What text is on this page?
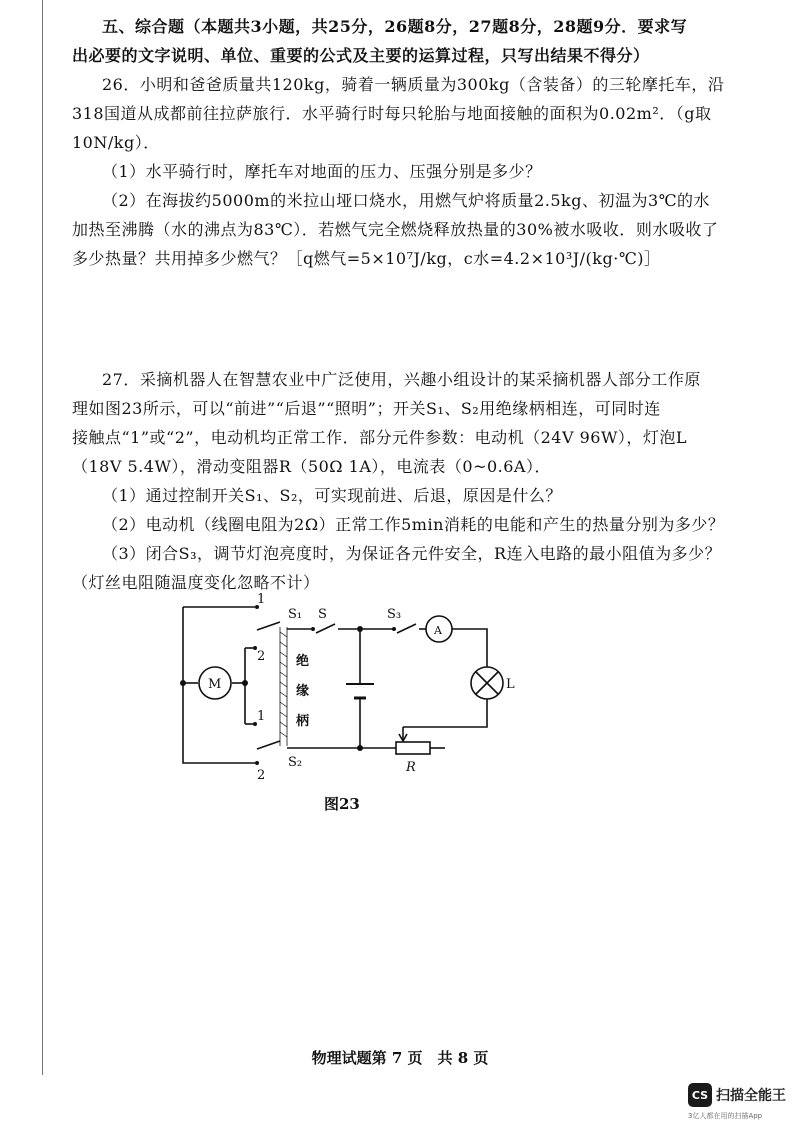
五、综合题（本题共3小题，共25分，26题8分，27题8分，28题9分．要求写
出必要的文字说明、单位、重要的公式及主要的运算过程，只写出结果不得分）
26．小明和爸爸质量共120kg，骑着一辆质量为300kg（含装备）的三轮摩托车，沿
318国道从成都前往拉萨旅行．水平骑行时每只轮胎与地面接触的面积为0.02m²．（g取
10N/kg）．
（1）水平骑行时，摩托车对地面的压力、压强分别是多少？
（2）在海拔约5000m的米拉山垭口烧水，用燃气炉将质量2.5kg、初温为3℃的水
加热至沸腾（水的沸点为83℃）．若燃气完全燃烧释放热量的30%被水吸收．则水吸收了
多少热量？共用掉多少燃气？［q燃气=5×10⁷J/kg，c水=4.2×10³J/(kg·℃)］
27．采摘机器人在智慧农业中广泛使用，兴趣小组设计的某采摘机器人部分工作原
理如图23所示，可以“前进”“后退”“照明”；开关S₁、S₂用绝缘柄相连，可同时连
接触点“1”或“2”，电动机均正常工作．部分元件参数：电动机（24V 96W），灯泡L
（18V 5.4W），滑动变阻器R（50Ω 1A），电流表（0~0.6A）．
（1）通过控制开关S₁、S₂，可实现前进、后退，原因是什么？
（2）电动机（线圈电阻为2Ω）正常工作5min消耗的电能和产生的热量分别为多少？
（3）闭合S₃，调节灯泡亮度时，为保证各元件安全，R连入电路的最小阻值为多少？
（灯丝电阻随温度变化忽略不计）
1
2
1
2
S₁ S	S₃
S₂
M
A
L
R
绝
缘
柄
图23
物理试题第 7 页　共 8 页
CS 扫描全能王
3亿人都在用的扫描App
